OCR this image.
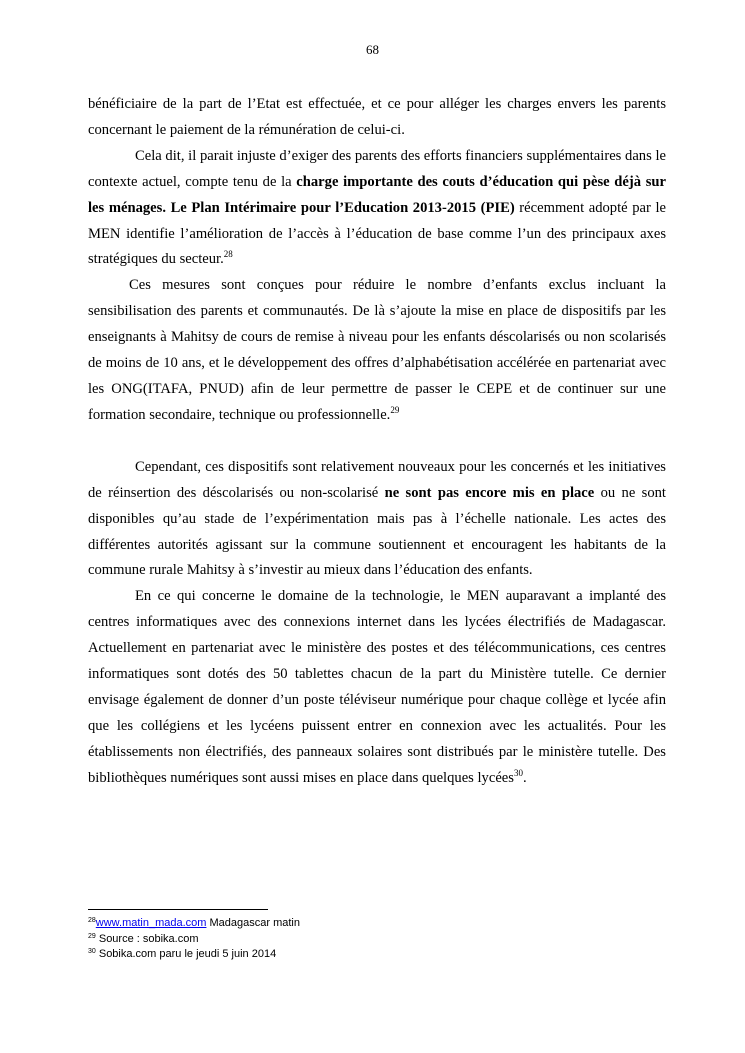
68

bénéficiaire de la part de l’Etat est effectuée, et ce pour alléger les charges envers les parents concernant le paiement de la rémunération de celui-ci.

Cela dit, il parait injuste d’exiger des parents des efforts financiers supplémentaires dans le contexte actuel, compte tenu de la charge importante des couts d’éducation qui pèse déjà sur les ménages. Le Plan Intérimaire pour l’Education 2013-2015 (PIE) récemment adopté par le MEN identifie l’amélioration de l’accès à l’éducation de base comme l’un des principaux axes stratégiques du secteur.$^{28}$

Ces mesures sont conçues pour réduire le nombre d’enfants exclus incluant la sensibilisation des parents et communautés. De là s’ajoute la mise en place de dispositifs par les enseignants à Mahitsy de cours de remise à niveau pour les enfants déscolarisés ou non scolarisés de moins de 10 ans, et le développement des offres d’alphabétisation accélérée en partenariat avec les ONG(ITAFA, PNUD) afin de leur permettre de passer le CEPE et de continuer sur une formation secondaire, technique ou professionnelle.$^{29}$

Cependant, ces dispositifs sont relativement nouveaux pour les concernés et les initiatives de réinsertion des déscolarisés ou non-scolarisé ne sont pas encore mis en place ou ne sont disponibles qu’au stade de l’expérimentation mais pas à l’échelle nationale. Les actes des différentes autorités agissant sur la commune soutiennent et encouragent les habitants de la commune rurale Mahitsy à s’investir au mieux dans l’éducation des enfants.

En ce qui concerne le domaine de la technologie, le MEN auparavant a implanté des centres informatiques avec des connexions internet dans les lycées électrifiés de Madagascar. Actuellement en partenariat avec le ministère des postes et des télécommunications, ces centres informatiques sont dotés des 50 tablettes chacun de la part du Ministère tutelle. Ce dernier envisage également de donner d’un poste téléviseur numérique pour chaque collège et lycée afin que les collégiens et les lycéens puissent entrer en connexion avec les actualités. Pour les établissements non électrifiés, des panneaux solaires sont distribués par le ministère tutelle. Des bibliothèques numériques sont aussi mises en place dans quelques lycées$^{30}$.

$^{28}$www.matin_mada.com Madagascar matin
$^{29}$ Source : sobika.com
$^{30}$ Sobika.com paru le jeudi 5 juin 2014
